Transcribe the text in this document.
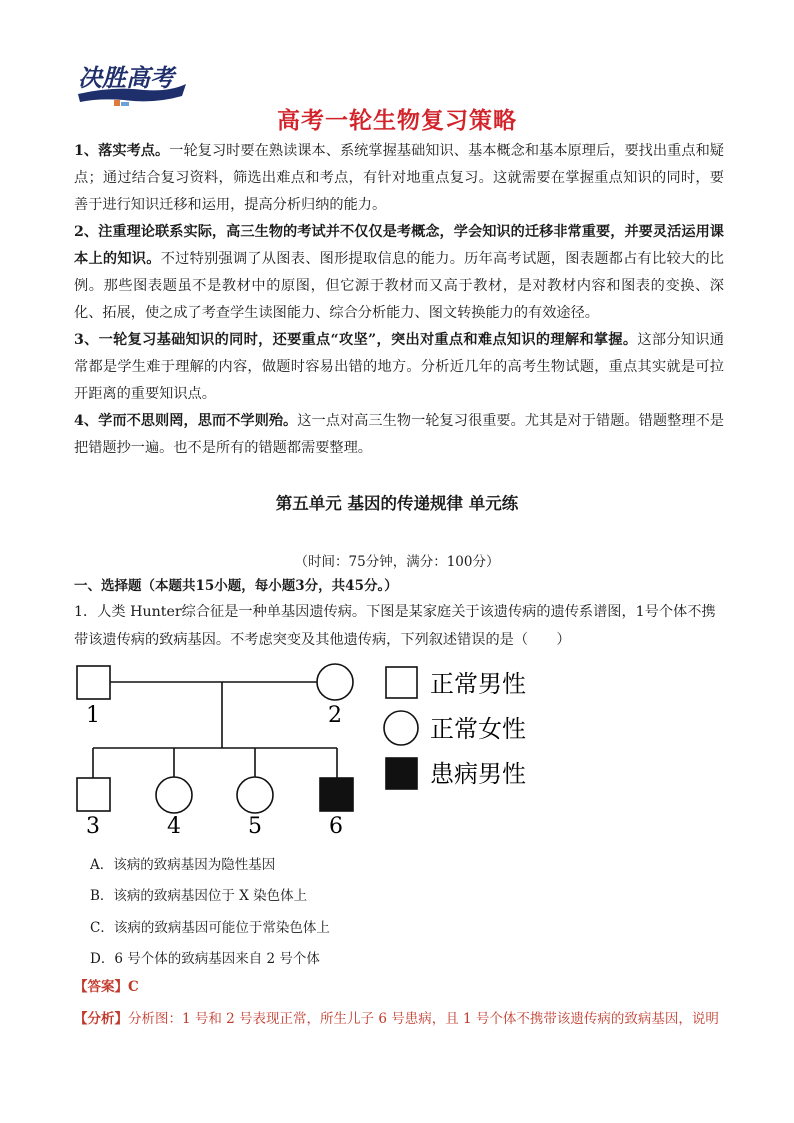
决胜高考
高考一轮生物复习策略
1、落实考点。一轮复习时要在熟读课本、系统掌握基础知识、基本概念和基本原理后，要找出重点和疑点；通过结合复习资料，筛选出难点和考点，有针对地重点复习。这就需要在掌握重点知识的同时，要善于进行知识迁移和运用，提高分析归纳的能力。
2、注重理论联系实际，高三生物的考试并不仅仅是考概念，学会知识的迁移非常重要，并要灵活运用课本上的知识。不过特别强调了从图表、图形提取信息的能力。历年高考试题，图表题都占有比较大的比例。那些图表题虽不是教材中的原图，但它源于教材而又高于教材，是对教材内容和图表的变换、深化、拓展，使之成了考查学生读图能力、综合分析能力、图文转换能力的有效途径。
3、一轮复习基础知识的同时，还要重点“攻坚”，突出对重点和难点知识的理解和掌握。这部分知识通常都是学生难于理解的内容，做题时容易出错的地方。分析近几年的高考生物试题，重点其实就是可拉开距离的重要知识点。
4、学而不思则罔，思而不学则殆。这一点对高三生物一轮复习很重要。尤其是对于错题。错题整理不是把错题抄一遍。也不是所有的错题都需要整理。
第五单元 基因的传递规律 单元练
（时间：75分钟，满分：100分）
一、选择题（本题共15小题，每小题3分，共45分。）
1．人类 Hunter综合征是一种单基因遗传病。下图是某家庭关于该遗传病的遗传系谱图，1号个体不携带该遗传病的致病基因。不考虑突变及其他遗传病，下列叙述错误的是（　　）
1	2
3	4	5	6
正常男性
正常女性
患病男性
A．该病的致病基因为隐性基因
B．该病的致病基因位于 X 染色体上
C．该病的致病基因可能位于常染色体上
D．6 号个体的致病基因来自 2 号个体
【答案】C
【分析】分析图：1 号和 2 号表现正常，所生儿子 6 号患病，且 1 号个体不携带该遗传病的致病基因，说明
